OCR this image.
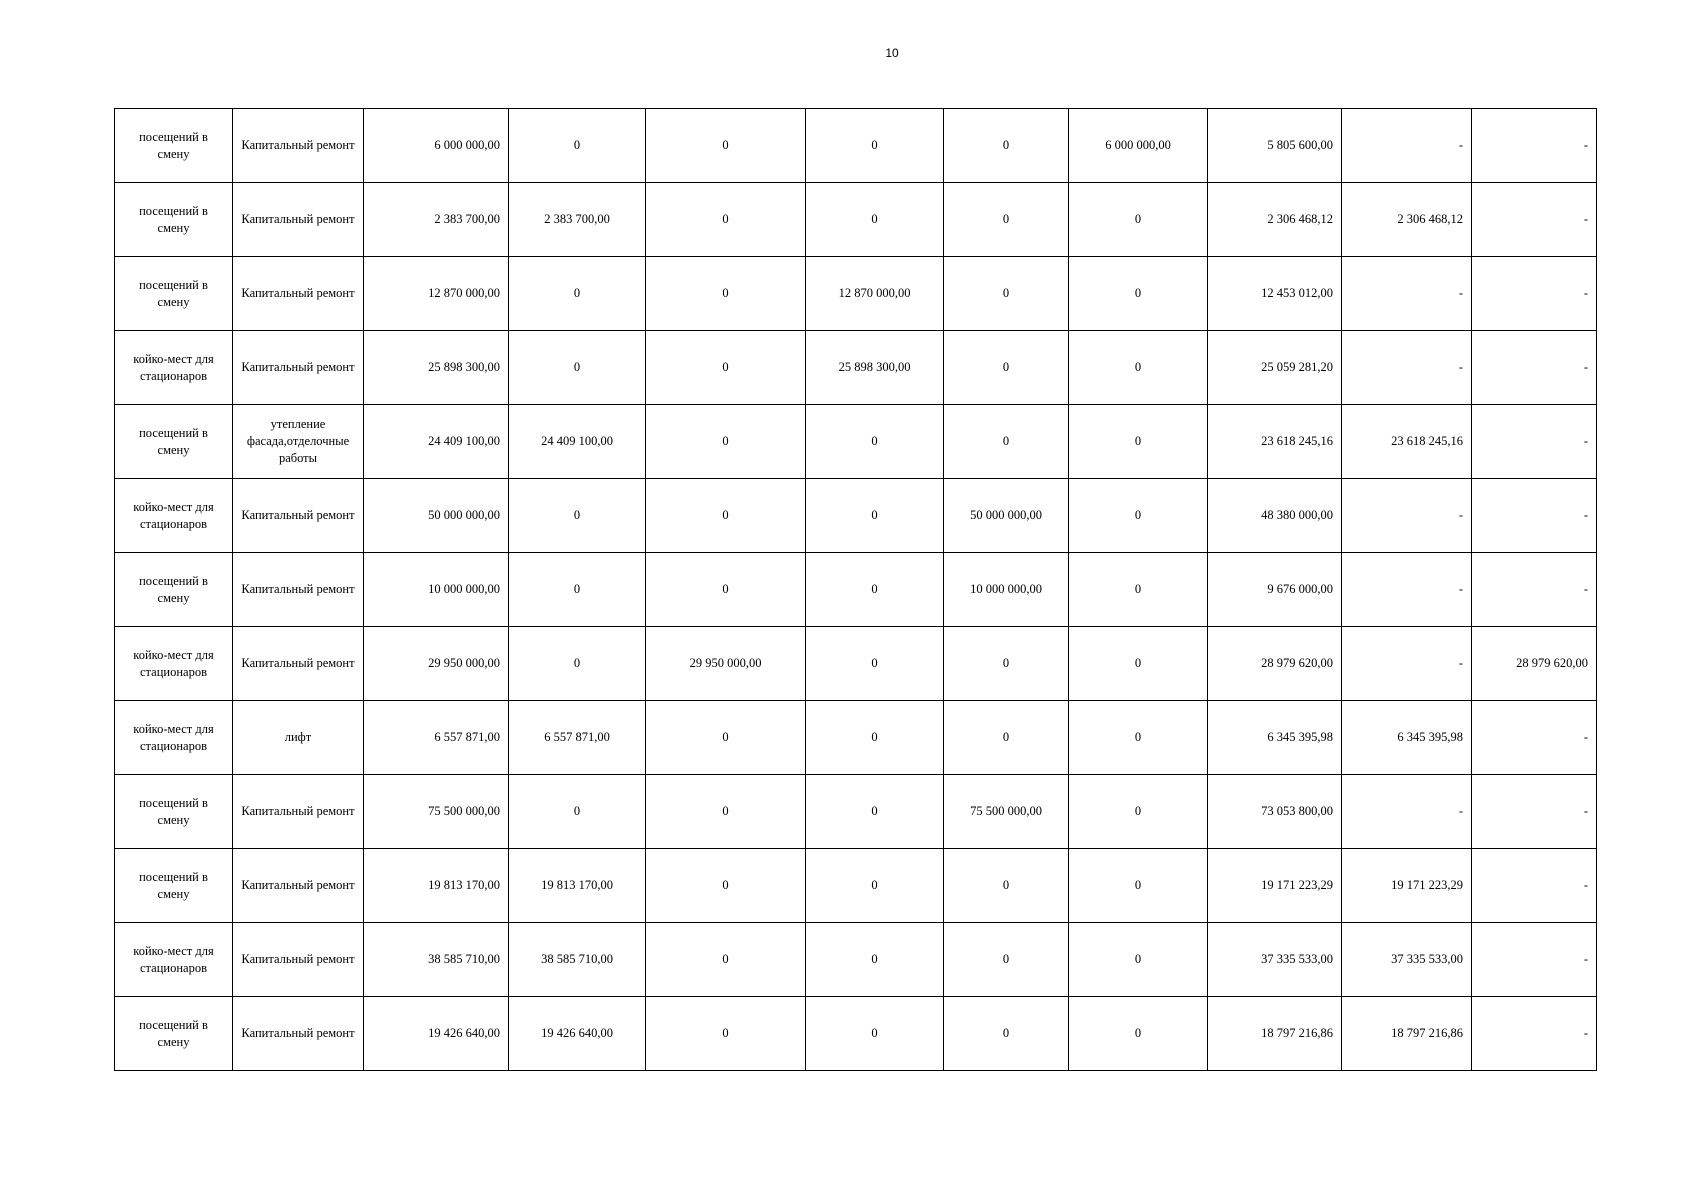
10
посещений в смену	Капитальный ремонт	6 000 000,00	0	0	0	0	6 000 000,00	5 805 600,00	-	-
посещений в смену	Капитальный ремонт	2 383 700,00	2 383 700,00	0	0	0	0	2 306 468,12	2 306 468,12	-
посещений в смену	Капитальный ремонт	12 870 000,00	0	0	12 870 000,00	0	0	12 453 012,00	-	-
койко-мест для стационаров	Капитальный ремонт	25 898 300,00	0	0	25 898 300,00	0	0	25 059 281,20	-	-
посещений в смену	утепление фасада,отделочные работы	24 409 100,00	24 409 100,00	0	0	0	0	23 618 245,16	23 618 245,16	-
койко-мест для стационаров	Капитальный ремонт	50 000 000,00	0	0	0	50 000 000,00	0	48 380 000,00	-	-
посещений в смену	Капитальный ремонт	10 000 000,00	0	0	0	10 000 000,00	0	9 676 000,00	-	-
койко-мест для стационаров	Капитальный ремонт	29 950 000,00	0	29 950 000,00	0	0	0	28 979 620,00	-	28 979 620,00
койко-мест для стационаров	лифт	6 557 871,00	6 557 871,00	0	0	0	0	6 345 395,98	6 345 395,98	-
посещений в смену	Капитальный ремонт	75 500 000,00	0	0	0	75 500 000,00	0	73 053 800,00	-	-
посещений в смену	Капитальный ремонт	19 813 170,00	19 813 170,00	0	0	0	0	19 171 223,29	19 171 223,29	-
койко-мест для стационаров	Капитальный ремонт	38 585 710,00	38 585 710,00	0	0	0	0	37 335 533,00	37 335 533,00	-
посещений в смену	Капитальный ремонт	19 426 640,00	19 426 640,00	0	0	0	0	18 797 216,86	18 797 216,86	-
